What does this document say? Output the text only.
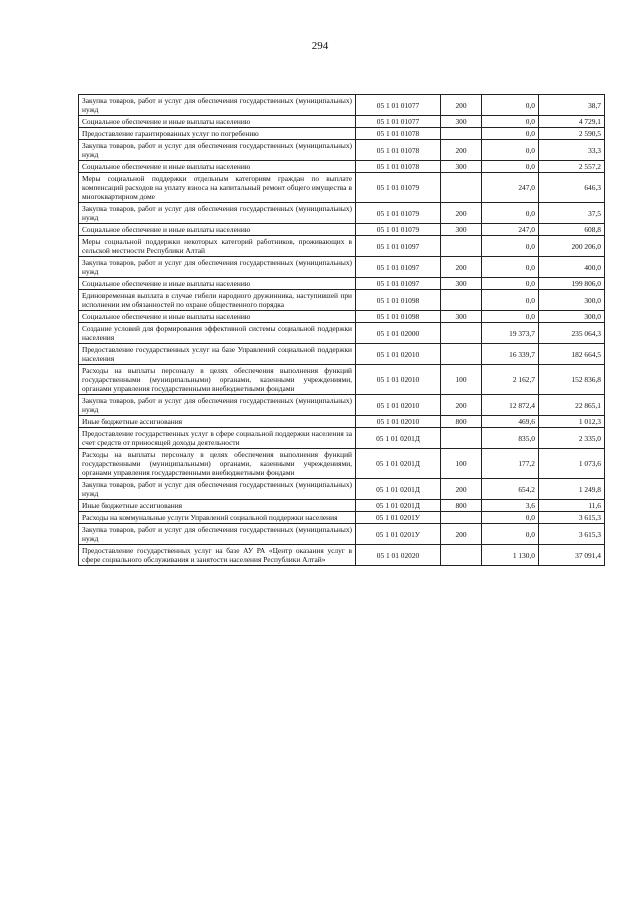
294
Закупка товаров, работ и услуг для обеспечения государственных (муниципальных) нужд	05 1 01 01077	200	0,0	38,7
Социальное обеспечение и иные выплаты населению	05 1 01 01077	300	0,0	4 729,1
Предоставление гарантированных услуг по погребению	05 1 01 01078		0,0	2 590,5
Закупка товаров, работ и услуг для обеспечения государственных (муниципальных) нужд	05 1 01 01078	200	0,0	33,3
Социальное обеспечение и иные выплаты населению	05 1 01 01078	300	0,0	2 557,2
Меры социальной поддержки отдельным категориям граждан по выплате компенсаций расходов на уплату взноса на капитальный ремонт общего имущества в многоквартирном доме	05 1 01 01079		247,0	646,3
Закупка товаров, работ и услуг для обеспечения государственных (муниципальных) нужд	05 1 01 01079	200	0,0	37,5
Социальное обеспечение и иные выплаты населению	05 1 01 01079	300	247,0	608,8
Меры социальной поддержки некоторых категорий работников, проживающих в сельской местности Республики Алтай	05 1 01 01097		0,0	200 206,0
Закупка товаров, работ и услуг для обеспечения государственных (муниципальных) нужд	05 1 01 01097	200	0,0	400,0
Социальное обеспечение и иные выплаты населению	05 1 01 01097	300	0,0	199 806,0
Единовременная выплата в случае гибели народного дружинника, наступившей при исполнении им обязанностей по охране общественного порядка	05 1 01 01098		0,0	300,0
Социальное обеспечение и иные выплаты населению	05 1 01 01098	300	0,0	300,0
Создание условий для формирования эффективной системы социальной поддержки населения	05 1 01 02000		19 373,7	235 064,3
Предоставление государственных услуг на базе Управлений социальной поддержки населения	05 1 01 02010		16 339,7	182 664,5
Расходы на выплаты персоналу в целях обеспечения выполнения функций государственными (муниципальными) органами, казенными учреждениями, органами управления государственными внебюджетными фондами	05 1 01 02010	100	2 162,7	152 836,8
Закупка товаров, работ и услуг для обеспечения государственных (муниципальных) нужд	05 1 01 02010	200	12 872,4	22 865,1
Иные бюджетные ассигнования	05 1 01 02010	800	469,6	1 012,3
Предоставление государственных услуг в сфере социальной поддержки населения за счет средств от приносящей доходы деятельности	05 1 01 0201Д		835,0	2 335,0
Расходы на выплаты персоналу в целях обеспечения выполнения функций государственными (муниципальными) органами, казенными учреждениями, органами управления государственными внебюджетными фондами	05 1 01 0201Д	100	177,2	1 073,6
Закупка товаров, работ и услуг для обеспечения государственных (муниципальных) нужд	05 1 01 0201Д	200	654,2	1 249,8
Иные бюджетные ассигнования	05 1 01 0201Д	800	3,6	11,6
Расходы на коммунальные услуги Управлений социальной поддержки населения	05 1 01 0201У		0,0	3 615,3
Закупка товаров, работ и услуг для обеспечения государственных (муниципальных) нужд	05 1 01 0201У	200	0,0	3 615,3
Предоставление государственных услуг на базе АУ РА «Центр оказания услуг в сфере социального обслуживания и занятости населения Республики Алтай»	05 1 01 02020		1 130,0	37 091,4
